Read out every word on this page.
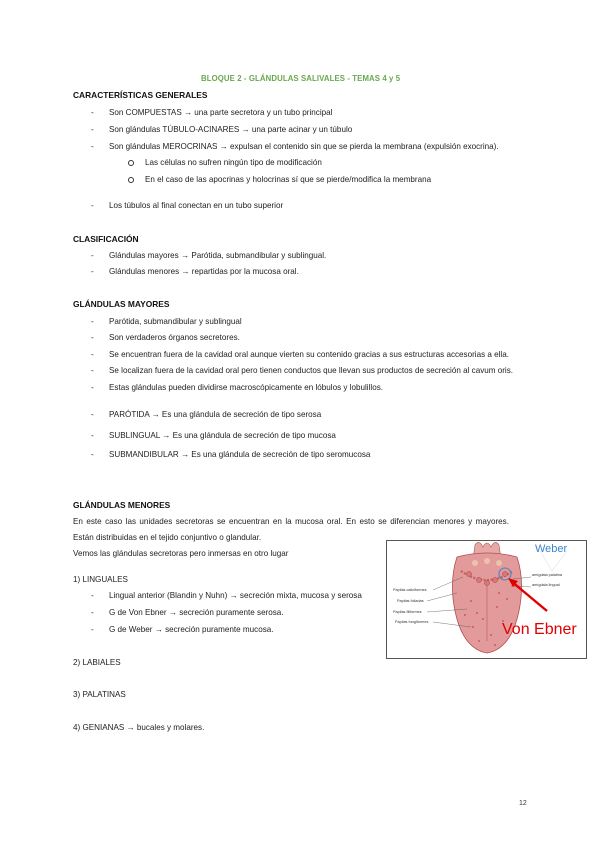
BLOQUE 2 - GLÁNDULAS SALIVALES - TEMAS 4 y 5
CARACTERÍSTICAS GENERALES
- Son COMPUESTAS → una parte secretora y un tubo principal
- Son glándulas TÚBULO-ACINARES → una parte acinar y un túbulo
- Son glándulas MEROCRINAS → expulsan el contenido sin que se pierda la membrana (expulsión exocrina).
Las células no sufren ningún tipo de modificación
En el caso de las apocrinas y holocrinas sí que se pierde/modifica la membrana
- Los túbulos al final conectan en un tubo superior
CLASIFICACIÓN
- Glándulas mayores → Parótida, submandibular y sublingual.
- Glándulas menores → repartidas por la mucosa oral.
GLÁNDULAS MAYORES
- Parótida, submandibular y sublingual
- Son verdaderos órganos secretores.
- Se encuentran fuera de la cavidad oral aunque vierten su contenido gracias a sus estructuras accesorias a ella.
- Se localizan fuera de la cavidad oral pero tienen conductos que llevan sus productos de secreción al cavum oris.
- Estas glándulas pueden dividirse macroscópicamente en lóbulos y lobulillos.
- PARÓTIDA → Es una glándula de secreción de tipo serosa
- SUBLINGUAL → Es una glándula de secreción de tipo mucosa
- SUBMANDIBULAR → Es una glándula de secreción de tipo seromucosa
GLÁNDULAS MENORES
En este caso las unidades secretoras se encuentran en la mucosa oral. En esto se diferencian menores y mayores.
Están distribuidas en el tejido conjuntivo o glandular.
Vemos las glándulas secretoras pero inmersas en otro lugar
1) LINGUALES
- Lingual anterior (Blandin y Nuhn) → secreción mixta, mucosa y serosa
- G de Von Ebner → secreción puramente serosa.
- G de Weber → secreción puramente mucosa.
2) LABIALES
3) PALATINAS
4) GENIANAS → bucales y molares.
Weber
Von Ebner
amígdala palatina
amígdala lingual
Papilas caliciformes
Papilas foliadas
Papilas filiformes
Papilas fungiformes
12
